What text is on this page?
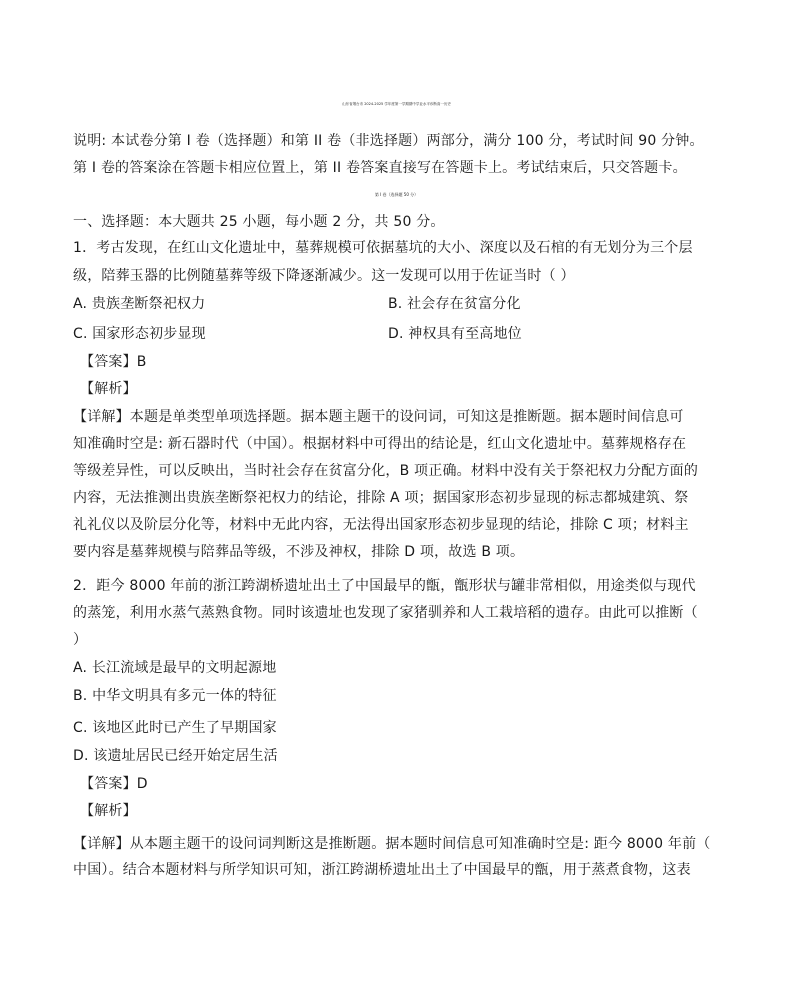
山东省烟台市 2024-2025 学年度第一学期期中学业水平诊断高一历史
说明: 本试卷分第 I 卷（选择题）和第 II 卷（非选择题）两部分，满分 100 分，考试时间 90 分钟。
第 I 卷的答案涂在答题卡相应位置上，第 II 卷答案直接写在答题卡上。考试结束后，只交答题卡。
第 I 卷（选择题 50 分）
一、选择题：本大题共 25 小题，每小题 2 分，共 50 分。
1．考古发现，在红山文化遗址中，墓葬规模可依据墓坑的大小、深度以及石棺的有无划分为三个层
级，陪葬玉器的比例随墓葬等级下降逐渐减少。这一发现可以用于佐证当时（ ）
A. 贵族垄断祭祀权力	B. 社会存在贫富分化
C. 国家形态初步显现	D. 神权具有至高地位
【答案】B
【解析】
【详解】本题是单类型单项选择题。据本题主题干的设问词，可知这是推断题。据本题时间信息可
知准确时空是: 新石器时代（中国）。根据材料中可得出的结论是，红山文化遗址中。墓葬规格存在
等级差异性，可以反映出，当时社会存在贫富分化，B 项正确。材料中没有关于祭祀权力分配方面的
内容，无法推测出贵族垄断祭祀权力的结论，排除 A 项；据国家形态初步显现的标志都城建筑、祭
礼礼仪以及阶层分化等，材料中无此内容，无法得出国家形态初步显现的结论，排除 C 项；材料主
要内容是墓葬规模与陪葬品等级，不涉及神权，排除 D 项，故选 B 项。
2．距今 8000 年前的浙江跨湖桥遗址出土了中国最早的甑，甑形状与罐非常相似，用途类似与现代
的蒸笼，利用水蒸气蒸熟食物。同时该遗址也发现了家猪驯养和人工栽培稻的遗存。由此可以推断（
）
A. 长江流域是最早的文明起源地
B. 中华文明具有多元一体的特征
C. 该地区此时已产生了早期国家
D. 该遗址居民已经开始定居生活
【答案】D
【解析】
【详解】从本题主题干的设问词判断这是推断题。据本题时间信息可知准确时空是: 距今 8000 年前（
中国）。结合本题材料与所学知识可知，浙江跨湖桥遗址出土了中国最早的甑，用于蒸煮食物，这表
